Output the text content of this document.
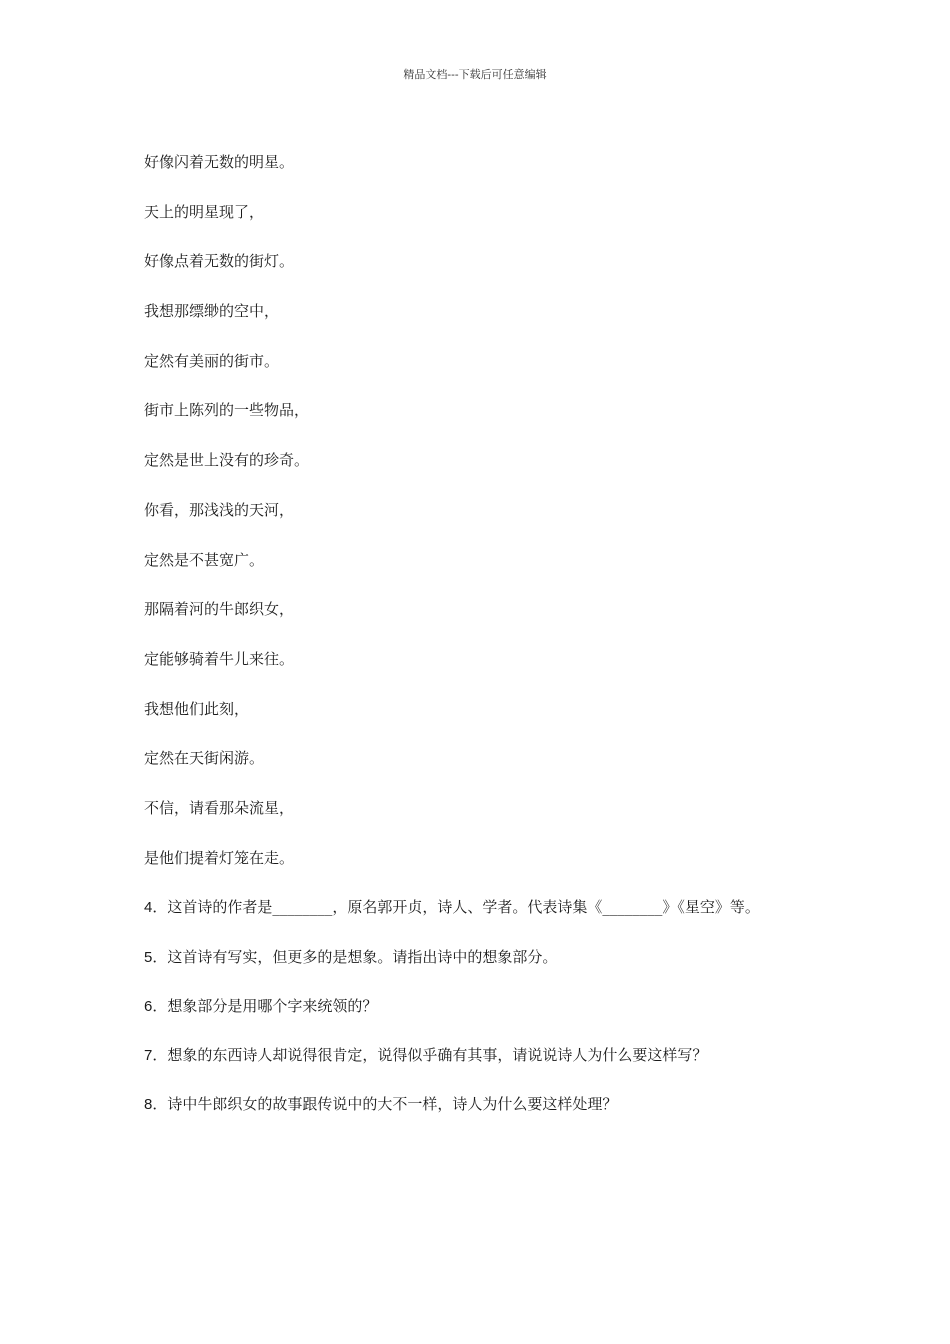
精品文档---下载后可任意编辑

好像闪着无数的明星。

天上的明星现了，

好像点着无数的街灯。

我想那缥缈的空中，

定然有美丽的街市。

街市上陈列的一些物品，

定然是世上没有的珍奇。

你看，那浅浅的天河，

定然是不甚宽广。

那隔着河的牛郎织女，

定能够骑着牛儿来往。

我想他们此刻，

定然在天街闲游。

不信，请看那朵流星，

是他们提着灯笼在走。

4．这首诗的作者是________，原名郭开贞，诗人、学者。代表诗集《________》《星空》等。

5．这首诗有写实，但更多的是想象。请指出诗中的想象部分。

6．想象部分是用哪个字来统领的？

7．想象的东西诗人却说得很肯定，说得似乎确有其事，请说说诗人为什么要这样写？

8．诗中牛郎织女的故事跟传说中的大不一样，诗人为什么要这样处理？
